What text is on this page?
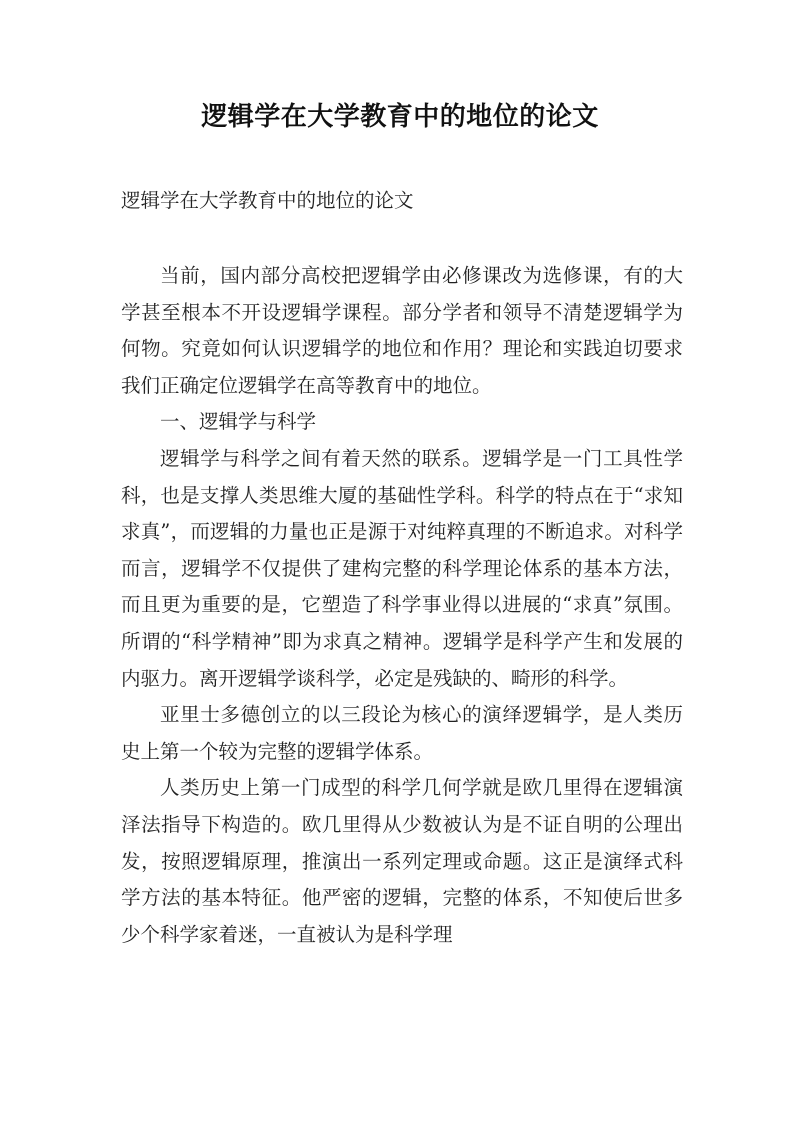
逻辑学在大学教育中的地位的论文
逻辑学在大学教育中的地位的论文

当前，国内部分高校把逻辑学由必修课改为选修课，有的大学甚至根本不开设逻辑学课程。部分学者和领导不清楚逻辑学为何物。究竟如何认识逻辑学的地位和作用？理论和实践迫切要求我们正确定位逻辑学在高等教育中的地位。

一、逻辑学与科学

逻辑学与科学之间有着天然的联系。逻辑学是一门工具性学科，也是支撑人类思维大厦的基础性学科。科学的特点在于“求知求真”，而逻辑的力量也正是源于对纯粹真理的不断追求。对科学而言，逻辑学不仅提供了建构完整的科学理论体系的基本方法，而且更为重要的是，它塑造了科学事业得以进展的“求真”氛围。所谓的“科学精神”即为求真之精神。逻辑学是科学产生和发展的内驱力。离开逻辑学谈科学，必定是残缺的、畸形的科学。

亚里士多德创立的以三段论为核心的演绎逻辑学，是人类历史上第一个较为完整的逻辑学体系。

人类历史上第一门成型的科学几何学就是欧几里得在逻辑演泽法指导下构造的。欧几里得从少数被认为是不证自明的公理出发，按照逻辑原理，推演出一系列定理或命题。这正是演绎式科学方法的基本特征。他严密的逻辑，完整的体系，不知使后世多少个科学家着迷，一直被认为是科学理
